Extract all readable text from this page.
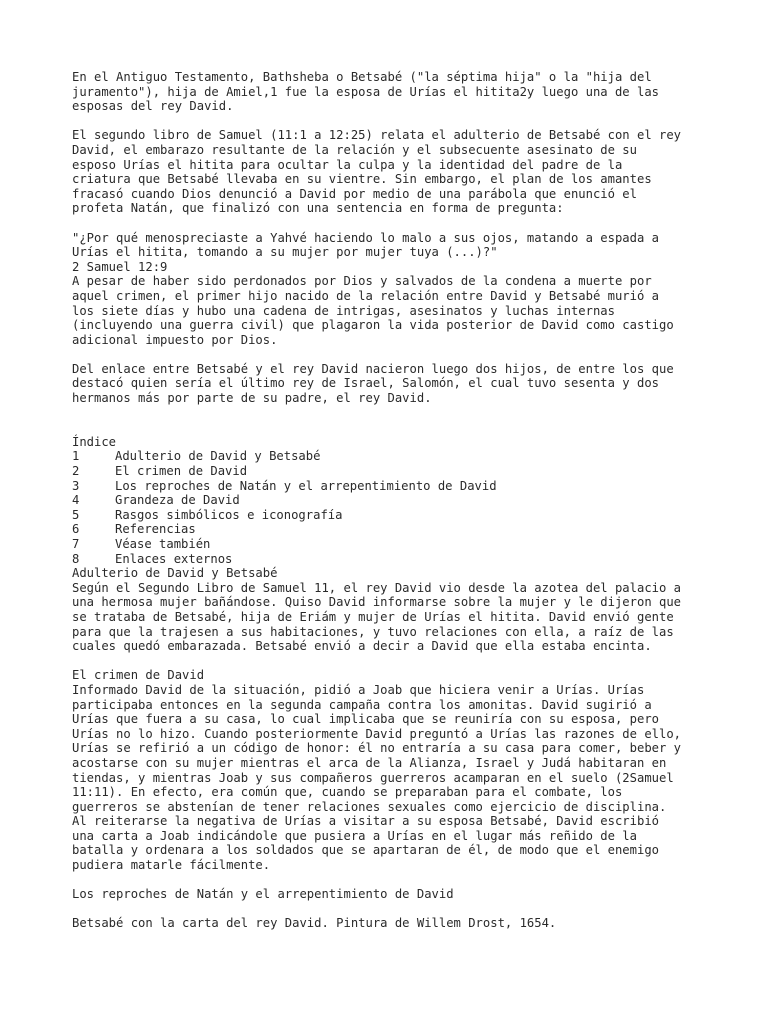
En el Antiguo Testamento, Bathsheba o Betsabé ("la séptima hija" o la "hija del
juramento"), hija de Amiel,1 fue la esposa de Urías el hitita2y luego una de las
esposas del rey David.

El segundo libro de Samuel (11:1 a 12:25) relata el adulterio de Betsabé con el rey
David, el embarazo resultante de la relación y el subsecuente asesinato de su
esposo Urías el hitita para ocultar la culpa y la identidad del padre de la
criatura que Betsabé llevaba en su vientre. Sin embargo, el plan de los amantes
fracasó cuando Dios denunció a David por medio de una parábola que enunció el
profeta Natán, que finalizó con una sentencia en forma de pregunta:

"¿Por qué menospreciaste a Yahvé haciendo lo malo a sus ojos, matando a espada a
Urías el hitita, tomando a su mujer por mujer tuya (...)?"

2 Samuel 12:9

A pesar de haber sido perdonados por Dios y salvados de la condena a muerte por
aquel crimen, el primer hijo nacido de la relación entre David y Betsabé murió a
los siete días y hubo una cadena de intrigas, asesinatos y luchas internas
(incluyendo una guerra civil) que plagaron la vida posterior de David como castigo
adicional impuesto por Dios.

Del enlace entre Betsabé y el rey David nacieron luego dos hijos, de entre los que
destacó quien sería el último rey de Israel, Salomón, el cual tuvo sesenta y dos
hermanos más por parte de su padre, el rey David.

Índice

1	Adulterio de David y Betsabé
2	El crimen de David
3	Los reproches de Natán y el arrepentimiento de David
4	Grandeza de David
5	Rasgos simbólicos e iconografía
6	Referencias
7	Véase también
8	Enlaces externos

Adulterio de David y Betsabé

Según el Segundo Libro de Samuel 11, el rey David vio desde la azotea del palacio a
una hermosa mujer bañándose. Quiso David informarse sobre la mujer y le dijeron que
se trataba de Betsabé, hija de Eriám y mujer de Urías el hitita. David envió gente
para que la trajesen a sus habitaciones, y tuvo relaciones con ella, a raíz de las
cuales quedó embarazada. Betsabé envió a decir a David que ella estaba encinta.

El crimen de David

Informado David de la situación, pidió a Joab que hiciera venir a Urías. Urías
participaba entonces en la segunda campaña contra los amonitas. David sugirió a
Urías que fuera a su casa, lo cual implicaba que se reuniría con su esposa, pero
Urías no lo hizo. Cuando posteriormente David preguntó a Urías las razones de ello,
Urías se refirió a un código de honor: él no entraría a su casa para comer, beber y
acostarse con su mujer mientras el arca de la Alianza, Israel y Judá habitaran en
tiendas, y mientras Joab y sus compañeros guerreros acamparan en el suelo (2Samuel
11:11). En efecto, era común que, cuando se preparaban para el combate, los
guerreros se abstenían de tener relaciones sexuales como ejercicio de disciplina.
Al reiterarse la negativa de Urías a visitar a su esposa Betsabé, David escribió
una carta a Joab indicándole que pusiera a Urías en el lugar más reñido de la
batalla y ordenara a los soldados que se apartaran de él, de modo que el enemigo
pudiera matarle fácilmente.

Los reproches de Natán y el arrepentimiento de David

Betsabé con la carta del rey David. Pintura de Willem Drost, 1654.
